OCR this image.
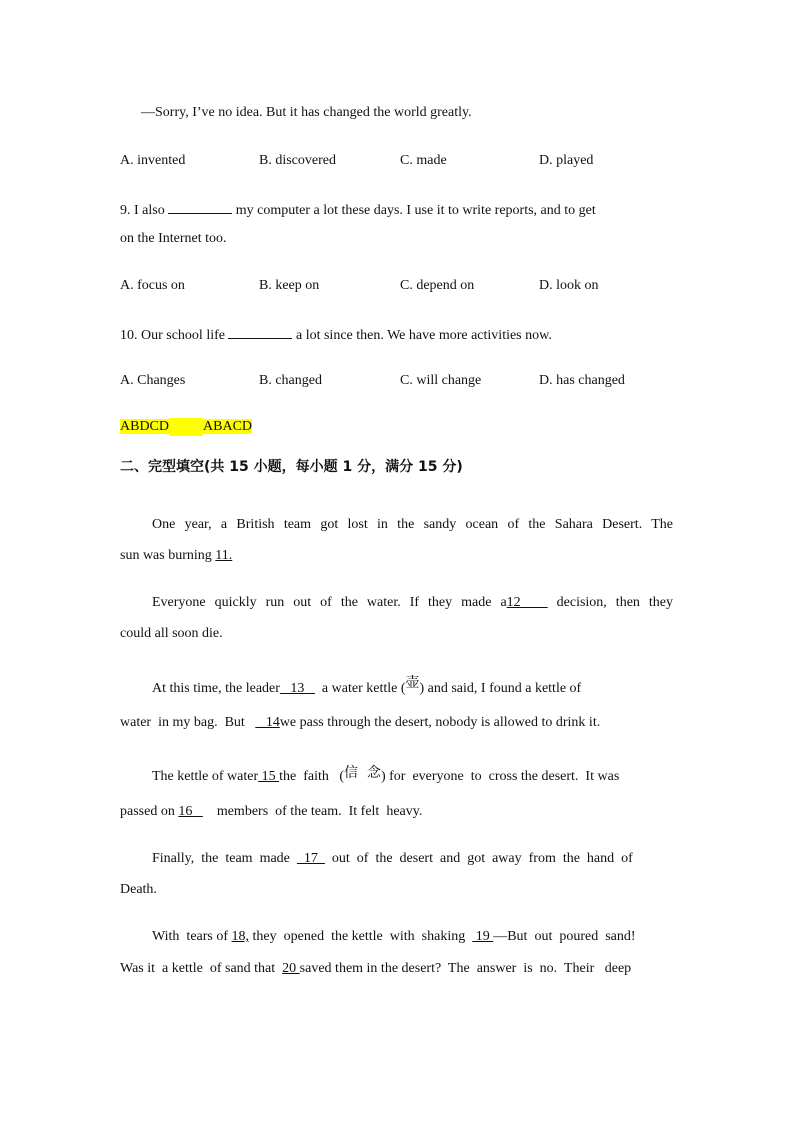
—Sorry, I’ve no idea. But it has changed the world greatly.
A. invented	B. discovered	C. made	D. played
9. I also	my computer a lot these days. I use it to write reports, and to get
on the Internet too.
A. focus on	B. keep on	C. depend on	D. look on
10. Our school life	a lot since then. We have more activities now.
A. Changes	B. changed	C. will change	D. has changed
ABDCD ABACD
二、完型填空(共 15 小题，每小题 1 分，满分 15 分)
One year, a British team got lost in the sandy ocean of the Sahara Desert. The
sun was burning 11.
Everyone quickly run out of the water. If they made a12    decision, then they
could all soon die.
At this time, the leader   13     a water kettle (壶) and said, I found a kettle of
water  in my bag.  But    _14we pass through the desert, nobody is allowed to drink it.
The kettle of water 15 the  faith   (信  念) for  everyone  to  cross the desert.  It was
passed on 16       members  of the team.  It felt  heavy.
Finally,  the  team  made    17    out  of  the  desert  and  got  away  from  the  hand  of
Death.
With  tears of 18, they  opened  the kettle  with  shaking   19 —But  out  poured  sand!
Was it  a kettle  of sand that  20 saved them in the desert?  The  answer  is  no.  Their   deep
